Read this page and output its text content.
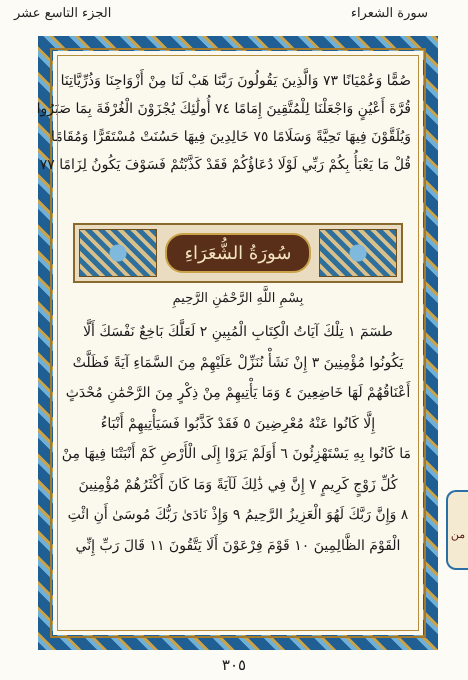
الجزء التاسع عشر	سورة الشعراء
صُمًّا وَعُمْيَانًا ٧٣ وَالَّذِينَ يَقُولُونَ رَبَّنَا هَبْ لَنَا مِنْ أَزْوَاجِنَا وَذُرِّيَّاتِنَا
قُرَّةَ أَعْيُنٍ وَاجْعَلْنَا لِلْمُتَّقِينَ إِمَامًا ٧٤ أُولَٰئِكَ يُجْزَوْنَ الْغُرْفَةَ بِمَا صَبَرُوا
وَيُلَقَّوْنَ فِيهَا تَحِيَّةً وَسَلَامًا ٧٥ خَالِدِينَ فِيهَا حَسُنَتْ مُسْتَقَرًّا وَمُقَامًا
قُلْ مَا يَعْبَأُ بِكُمْ رَبِّي لَوْلَا دُعَاؤُكُمْ فَقَدْ كَذَّبْتُمْ فَسَوْفَ يَكُونُ لِزَامًا ٧٧
سُورَةُ الشُّعَرَاءِ
بِسْمِ اللَّهِ الرَّحْمَٰنِ الرَّحِيمِ
طسٓمٓ ١ تِلْكَ آيَاتُ الْكِتَابِ الْمُبِينِ ٢ لَعَلَّكَ بَاخِعٌ نَفْسَكَ أَلَّا
يَكُونُوا مُؤْمِنِينَ ٣ إِنْ نَشَأْ نُنَزِّلْ عَلَيْهِمْ مِنَ السَّمَاءِ آيَةً فَظَلَّتْ
أَعْنَاقُهُمْ لَهَا خَاضِعِينَ ٤ وَمَا يَأْتِيهِمْ مِنْ ذِكْرٍ مِنَ الرَّحْمَٰنِ مُحْدَثٍ
إِلَّا كَانُوا عَنْهُ مُعْرِضِينَ ٥ فَقَدْ كَذَّبُوا فَسَيَأْتِيهِمْ أَنْبَاءُ
مَا كَانُوا بِهِ يَسْتَهْزِئُونَ ٦ أَوَلَمْ يَرَوْا إِلَى الْأَرْضِ كَمْ أَنْبَتْنَا فِيهَا مِنْ
كُلِّ زَوْجٍ كَرِيمٍ ٧ إِنَّ فِي ذَٰلِكَ لَآيَةً وَمَا كَانَ أَكْثَرُهُمْ مُؤْمِنِينَ
٨ وَإِنَّ رَبَّكَ لَهُوَ الْعَزِيزُ الرَّحِيمُ ٩ وَإِذْ نَادَىٰ رَبُّكَ مُوسَىٰ أَنِ ائْتِ
الْقَوْمَ الظَّالِمِينَ ١٠ قَوْمَ فِرْعَوْنَ أَلَا يَتَّقُونَ ١١ قَالَ رَبِّ إِنِّي
من
٣٠٥
